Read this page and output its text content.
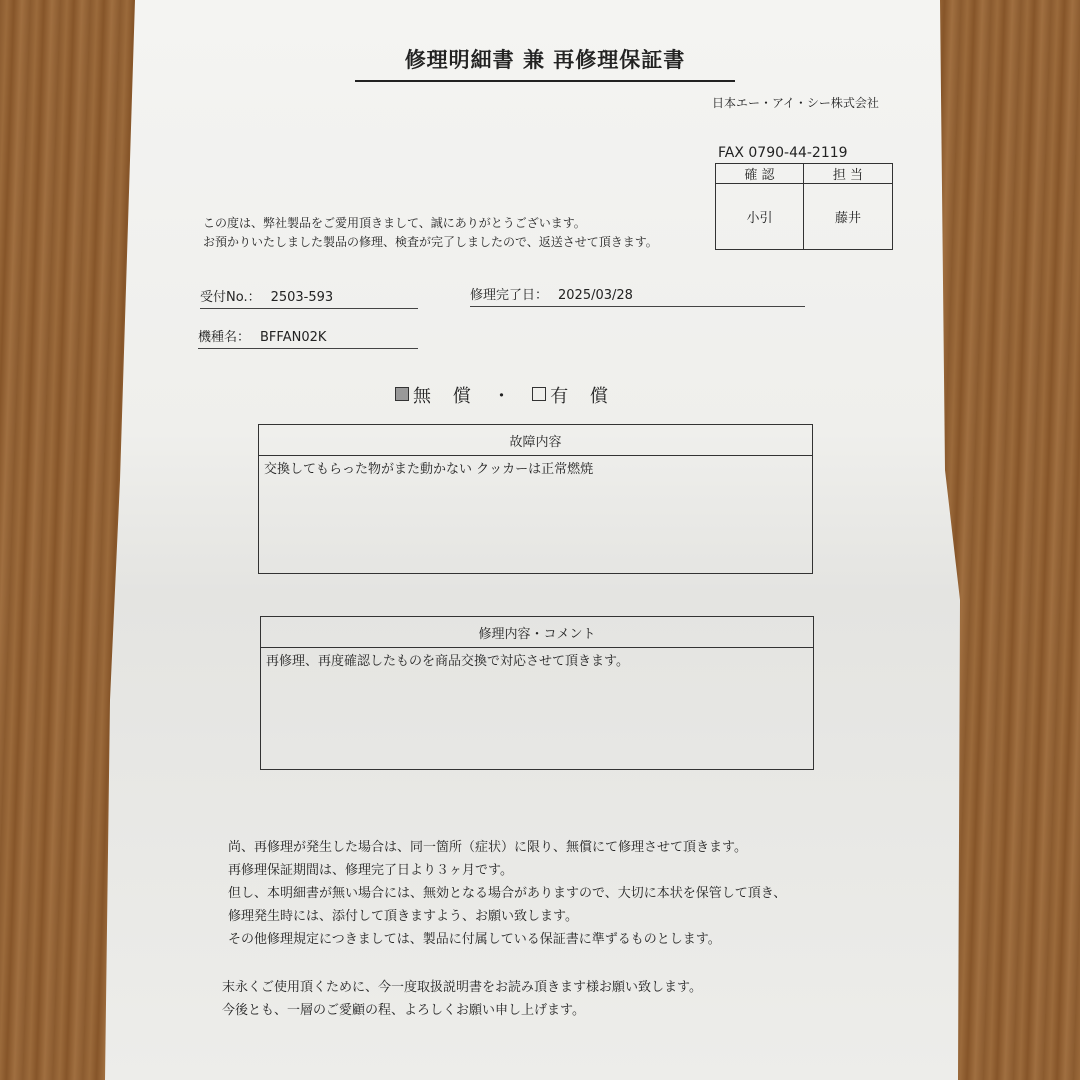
修理明細書 兼 再修理保証書
日本エー・アイ・シー株式会社
FAX 0790-44-2119
確 認	担 当
小引	藤井
この度は、弊社製品をご愛用頂きまして、誠にありがとうございます。
お預かりいたしました製品の修理、検査が完了しましたので、返送させて頂きます。
受付No.： 2503-593	修理完了日： 2025/03/28
機種名： BFFAN02K
無 償 ・ 有 償
故障内容
交換してもらった物がまた動かない クッカーは正常燃焼
修理内容・コメント
再修理、再度確認したものを商品交換で対応させて頂きます。
尚、再修理が発生した場合は、同一箇所（症状）に限り、無償にて修理させて頂きます。
再修理保証期間は、修理完了日より３ヶ月です。
但し、本明細書が無い場合には、無効となる場合がありますので、大切に本状を保管して頂き、
修理発生時には、添付して頂きますよう、お願い致します。
その他修理規定につきましては、製品に付属している保証書に準ずるものとします。
末永くご使用頂くために、今一度取扱説明書をお読み頂きます様お願い致します。
今後とも、一層のご愛顧の程、よろしくお願い申し上げます。
